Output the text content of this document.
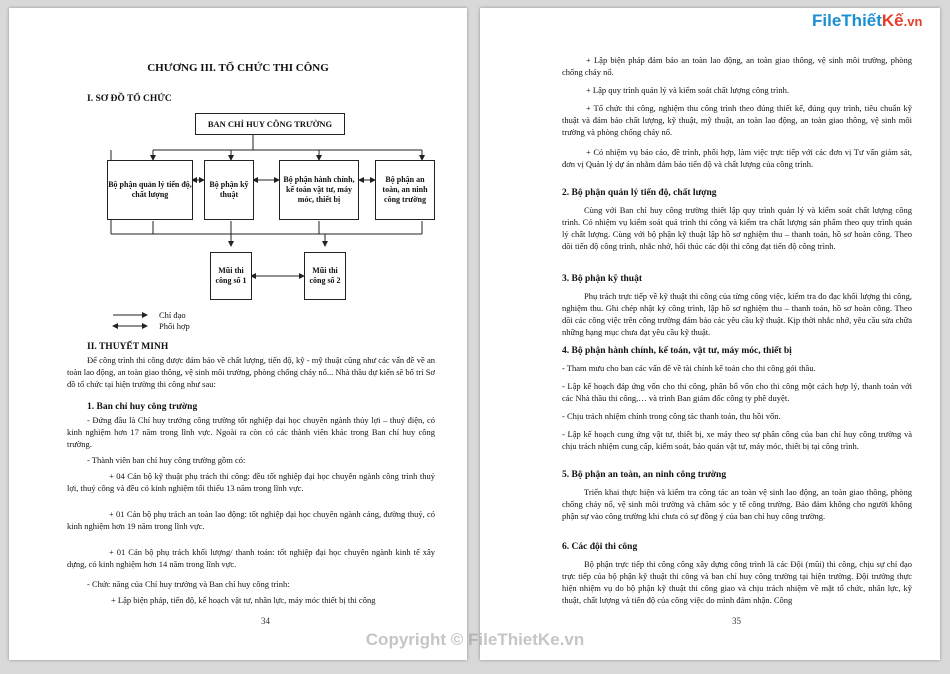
CHƯƠNG III. TỔ CHỨC THI CÔNG
I. SƠ ĐỒ TỔ CHỨC
BAN CHỈ HUY CÔNG TRƯỜNG
Bộ phận quản lý tiến độ, chất lượng
Bộ phận kỹ thuật
Bộ phận hành chính, kế toán vật tư, máy móc, thiết bị
Bộ phận an toàn, an ninh công trường
Mũi thi công số 1
Mũi thi công số 2
Chỉ đạo
Phối hợp
II. THUYẾT MINH
Để công trình thi công được đảm bảo về chất lượng, tiến độ, kỹ - mỹ thuật cũng như các vấn đề về an toàn lao động, an toàn giao thông, vệ sinh môi trường, phòng chống cháy nổ... Nhà thầu dự kiến sẽ bố trí Sơ đồ tổ chức tại hiện trường thi công như sau:
1. Ban chỉ huy công trường
- Đứng đầu là Chỉ huy trưởng công trường tốt nghiệp đại học chuyên ngành thủy lợi – thuỷ điện, có kinh nghiệm hơn 17 năm trong lĩnh vực. Ngoài ra còn có các thành viên khác trong Ban chỉ huy công trường.
- Thành viên ban chỉ huy công trường gồm có:
+ 04 Cán bộ kỹ thuật phụ trách thi công: đều tốt nghiệp đại học chuyên ngành công trình thuỷ lợi, thuỷ công và đều có kinh nghiệm tối thiểu 13 năm trong lĩnh vực.
+ 01 Cán bộ phụ trách an toàn lao động: tốt nghiệp đại học chuyên ngành cảng, đường thuỷ, có kinh nghiệm hơn 19 năm trong lĩnh vực.
+ 01 Cán bộ phụ trách khối lượng/ thanh toán: tốt nghiệp đại học chuyên ngành kinh tế xây dựng, có kinh nghiệm hơn 14 năm trong lĩnh vực.
- Chức năng của Chỉ huy trưởng và Ban chỉ huy công trình:
+ Lập biện pháp, tiến độ, kế hoạch vật tư, nhân lực, máy móc thiết bị thi công
34
+ Lập biện pháp đảm bảo an toàn lao động, an toàn giao thông, vệ sinh môi trường, phòng chống cháy nổ.
+ Lập quy trình quản lý và kiểm soát chất lượng công trình.
+ Tổ chức thi công, nghiệm thu công trình theo đúng thiết kế, đúng quy trình, tiêu chuẩn kỹ thuật và đảm bảo chất lượng, kỹ thuật, mỹ thuật, an toàn lao động, an toàn giao thông, vệ sinh môi trường và phòng chống cháy nổ.
+ Có nhiệm vụ báo cáo, đề trình, phối hợp, làm việc trực tiếp với các đơn vị Tư vấn giám sát, đơn vị Quản lý dự án nhằm đảm bảo tiến độ và chất lượng của công trình.
2. Bộ phận quản lý tiến độ, chất lượng
Cùng với Ban chỉ huy công trường thiết lập quy trình quản lý và kiểm soát chất lượng công trình. Có nhiệm vụ kiểm soát quá trình thi công và kiểm tra chất lượng sản phẩm theo quy trình quản lý chất lượng. Cùng với bộ phận kỹ thuật lập hồ sơ nghiệm thu – thanh toán, hồ sơ hoàn công. Theo dõi tiến độ công trình, nhắc nhở, hối thúc các đội thi công đạt tiến độ công trình.
3. Bộ phận kỹ thuật
Phụ trách trực tiếp về kỹ thuật thi công của từng công việc, kiểm tra đo đạc khối lượng thi công, nghiệm thu. Ghi chép nhật ký công trình, lập hồ sơ nghiệm thu – thanh toán, hồ sơ hoàn công. Theo dõi các công việc trên công trường đảm bảo các yêu cầu kỹ thuật. Kịp thời nhắc nhở, yêu cầu sửa chữa những hạng mục chưa đạt yêu cầu kỹ thuật.
4. Bộ phận hành chính, kế toán, vật tư, máy móc, thiết bị
- Tham mưu cho ban các vấn đề về tài chính kế toán cho thi công gói thầu.
- Lập kế hoạch đáp ứng vốn cho thi công, phân bổ vốn cho thi công một cách hợp lý, thanh toán với các Nhà thầu thi công,… và trình Ban giám đốc công ty phê duyệt.
- Chịu trách nhiệm chính trong công tác thanh toán, thu hồi vốn.
- Lập kế hoạch cung ứng vật tư, thiết bị, xe máy theo sự phân công của ban chỉ huy công trường và chịu trách nhiệm cung cấp, kiểm soát, bảo quản vật tư, máy móc, thiết bị tại công trình.
5. Bộ phận an toàn, an ninh công trường
Triển khai thực hiện và kiểm tra công tác an toàn vệ sinh lao động, an toàn giao thông, phòng chống cháy nổ, vệ sinh môi trường và chăm sóc y tế công trường. Bảo đảm không cho người không phận sự vào công trường khi chưa có sự đồng ý của ban chỉ huy công trường.
6. Các đội thi công
Bộ phận trực tiếp thi công công xây dựng công trình là các Đội (mũi) thi công, chịu sự chỉ đạo trực tiếp của bộ phận kỹ thuật thi công và ban chỉ huy công trường tại hiện trường. Đội trưởng thực hiện nhiệm vụ do bộ phận kỹ thuật thi công giao và chịu trách nhiệm về mặt tổ chức, nhân lực, kỹ thuật, chất lượng và tiến độ của công việc do mình đảm nhận. Công
35
File Thiết Kế .vn
Copyright © FileThietKe.vn
